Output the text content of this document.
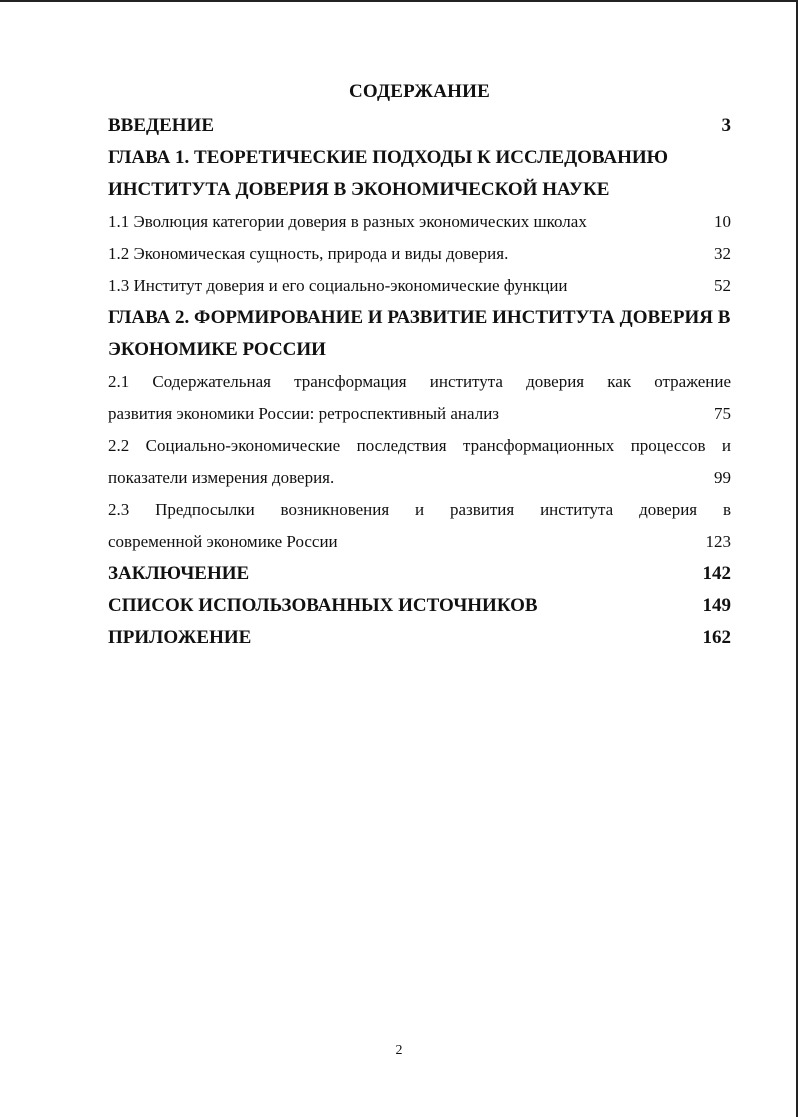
СОДЕРЖАНИЕ
ВВЕДЕНИЕ	3
ГЛАВА 1. ТЕОРЕТИЧЕСКИЕ ПОДХОДЫ К ИССЛЕДОВАНИЮ
ИНСТИТУТА ДОВЕРИЯ В ЭКОНОМИЧЕСКОЙ НАУКЕ
1.1 Эволюция категории доверия в разных экономических школах	10
1.2 Экономическая сущность, природа и виды доверия.	32
1.3 Институт доверия и его социально-экономические функции	52
ГЛАВА 2. ФОРМИРОВАНИЕ И РАЗВИТИЕ ИНСТИТУТА ДОВЕРИЯ В
ЭКОНОМИКЕ РОССИИ
2.1 Содержательная трансформация института доверия как отражение
развития экономики России: ретроспективный анализ	75
2.2 Социально-экономические последствия трансформационных процессов и
показатели измерения доверия.	99
2.3 Предпосылки возникновения и развития института доверия в
современной экономике России	123
ЗАКЛЮЧЕНИЕ	142
СПИСОК ИСПОЛЬЗОВАННЫХ ИСТОЧНИКОВ	149
ПРИЛОЖЕНИЕ	162
2
